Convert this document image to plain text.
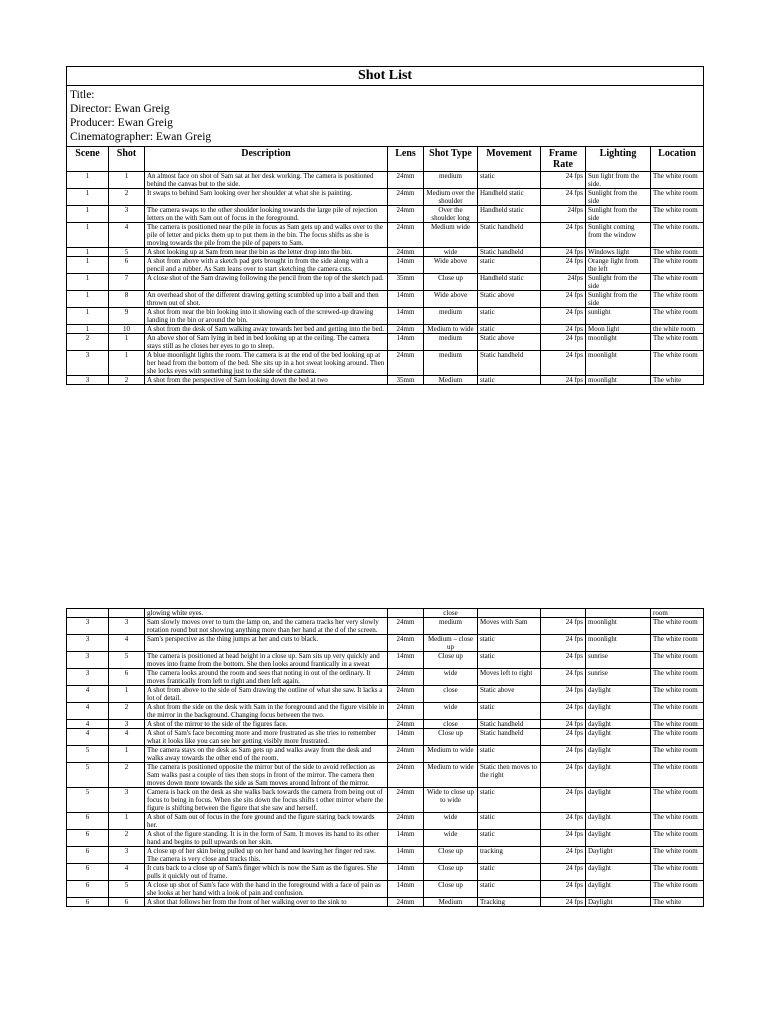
Shot List								

Title:
Director: Ewan Greig
Producer: Ewan Greig
Cinematographer: Ewan Greig								

Scene	Shot	Description	Lens	Shot Type	Movement	Frame Rate	Lighting	Location
1	1	An almost face on shot of Sam sat at her desk working. The camera is positioned behind the canvas but to the side.	24mm	medium	static	24 fps	Sun light from the side.	The white room
1	2	It swaps to behind Sam looking over her shoulder at what she is painting.	24mm	Medium over the shoulder	Handheld static	24 fps	Sunlight from the side	The white room
1	3	The camera swaps to the other shoulder looking towards the large pile of rejection letters on the with Sam out of focus in the foreground.	24mm	Over the shoulder long	Handheld static	24fps	Sunlight from the side	The white room
1	4	The camera is positioned near the pile in focus as Sam gets up and walks over to the pile of letter and picks them up to put them in the bin. The focus shifts as she is moving towards the pile from the pile of papers to Sam.	24mm	Medium wide	Static handheld	24 fps	Sunlight coming from the window	The white room.
1	5	A shot looking up at Sam from near the bin as the letter drop into the bin.	24mm	wide	Static handheld	24 fps	Windows light	The white room
1	6	A shot from above with a sketch pad gets brought in from the side along with a pencil and a rubber. As Sam leans over to start sketching the camera cuts.	14mm	Wide above	static	24 fps	Orange light from the left	The white room
1	7	A close shot of the Sam drawing following the pencil from the top of the sketch pad.	35mm	Close up	Handheld static	24fps	Sunlight from the side	The white room
1	8	An overhead shot of the different drawing getting scumbled up into a ball and then thrown out of shot.	14mm	Wide above	Static above	24 fps	Sunlight from the side	The white room
1	9	A shot from near the bin looking into it showing each of the screwed-up drawing landing in the bin or around the bin.	14mm	medium	static	24 fps	sunlight	The white room
1	10	A shot from the desk of Sam walking away towards her bed and getting into the bed.	24mm	Medium to wide	static	24 fps	Moon light	the white room
2	1	An above shot of Sam lying in bed in bed looking up at the ceiling. The camera stays still as he closes her eyes to go to sleep.	14mm	medium	Static above	24 fps	moonlight	The white room
3	1	A blue moonlight lights the room. The camera is at the end of the bed looking up at her head from the bottom of the bed. She sits up in a hot sweat looking around. Then she locks eyes with something just to the side of the camera.	24mm	medium	Static handheld	24 fps	moonlight	The white room
3	2	A shot from the perspective of Sam looking down the bed at two	35mm	Medium	static	24 fps	moonlight	The white
		glowing white eyes.		close				room
3	3	Sam slowly moves over to turn the lamp on, and the camera tracks her very slowly rotation round but not showing anything more than her hand at the d of the screen.	24mm	medium	Moves with Sam	24 fps	moonlight	The white room
3	4	Sam's perspective as the thing jumps at her and cuts to black.	24mm	Medium – close up	static	24 fps	moonlight	The white room
3	5	The camera is positioned at head height in a close up. Sam sits up very quickly and moves into frame from the bottom. She then looks around frantically in a sweat	14mm	Close up	static	24 fps	sunrise	The white room
3	6	The camera looks around the room and sees that noting in out of the ordinary. It moves frantically from left to right and then left again.	24mm	wide	Moves left to right	24 fps	sunrise	The white room
4	1	A shot from above to the side of Sam drawing the outline of what she saw. It lacks a lot of detail.	24mm	close	Static above	24 fps	daylight	The white room
4	2	A shot from the side on the desk with Sam in the foreground and the figure visible in the mirror in the background. Changing focus between the two.	24mm	wide	static	24 fps	daylight	The white room
4	3	A shot of the mirror to the side of the figures face.	24mm	close	Static handheld	24 fps	daylight	The white room
4	4	A shot of Sam's face becoming more and more frustrated as she tries to remember what it looks like you can see her getting visibly more frustrated.	14mm	Close up	Static handheld	24 fps	daylight	The white room
5	1	The camera stays on the desk as Sam gets up and walks away from the desk and walks away towards the other end of the room.	24mm	Medium to wide	static	24 fps	daylight	The white room
5	2	The camera is positioned opposite the mirror but of the side to avoid reflection as Sam walks past a couple of ties then stops in front of the mirror. The camera then moves down more towards the side as Sam moves around Infront of the mirror.	24mm	Medium to wide	Static then moves to the right	24 fps	daylight	The white room
5	3	Camera is back on the desk as she walks back towards the camera from being out of focus to being in focus. When she sits down the focus shifts t other mirror where the figure is shifting between the figure that she saw and herself.	24mm	Wide to close up to wide	static	24 fps	daylight	The white room
6	1	A shot of Sam out of focus in the fore ground and the figure staring back towards her.	24mm	wide	static	24 fps	daylight	The white room
6	2	A shot of the figure standing. It is in the form of Sam. It moves its hand to its other hand and begins to pull upwards on her skin.	14mm	wide	static	24 fps	daylight	The white room
6	3	A close up of her skin being pulled up on her hand and leaving her finger red raw. The camera is very close and tracks this.	14mm	Close up	tracking	24 fps	Daylight	The white room
6	4	It cuts back to a close up of Sam's finger which is now the Sam as the figures. She pulls it quickly out of frame.	14mm	Close up	static	24 fps	daylight	The white room
6	5	A close up shot of Sam's face with the hand in the foreground with a face of pain as she looks at her hand with a look of pain and confusion.	14mm	Close up	static	24 fps	daylight	The white room
6	6	A shot that follows her from the front of her walking over to the sink to	24mm	Medium	Tracking	24 fps	Daylight	The white
